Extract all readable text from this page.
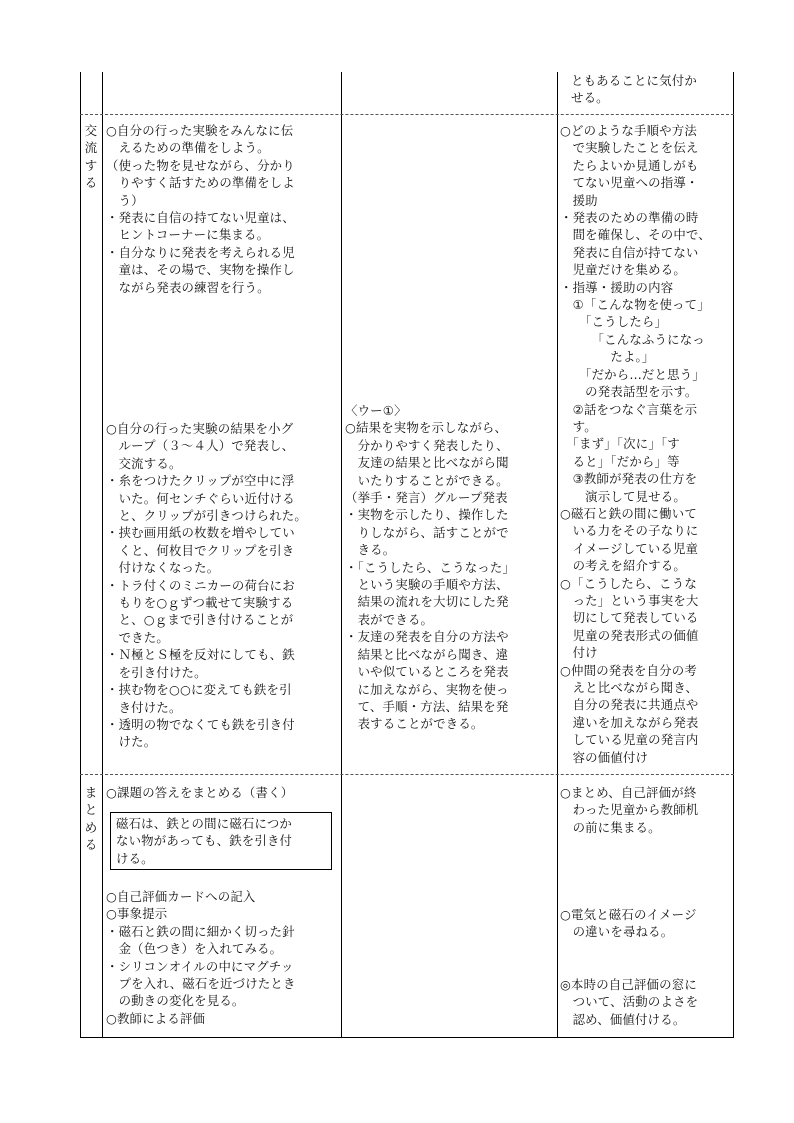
ともあることに気付か
せる。
交
流
す
る
ま
と
め
る
○自分の行った実験をみんなに伝
　えるための準備をしよう。
（使った物を見せながら、分かり
　りやすく話すための準備をしよ
　う）
・発表に自信の持てない児童は、
　ヒントコーナーに集まる。
・自分なりに発表を考えられる児
　童は、その場で、実物を操作し
　ながら発表の練習を行う。
○自分の行った実験の結果を小グ
　ループ（３～４人）で発表し、
　交流する。
・糸をつけたクリップが空中に浮
　いた。何センチぐらい近付ける
　と、クリップが引きつけられた。
・挟む画用紙の枚数を増やしてい
　くと、何枚目でクリップを引き
　付けなくなった。
・トラ付くのミニカーの荷台にお
　もりを○ｇずつ載せて実験する
　と、○ｇまで引き付けることが
　できた。
・Ｎ極とＳ極を反対にしても、鉄
　を引き付けた。
・挟む物を○○に変えても鉄を引
　き付けた。
・透明の物でなくても鉄を引き付
　けた。
〈ウー①〉
○結果を実物を示しながら、
　分かりやすく発表したり、
　友達の結果と比べながら聞
　いたりすることができる。
（挙手・発言）グループ発表
・実物を示したり、操作した
　りしながら、話すことがで
　きる。
・「こうしたら、こうなった」
　という実験の手順や方法、
　結果の流れを大切にした発
　表ができる。
・友達の発表を自分の方法や
　結果と比べながら聞き、違
　いや似ているところを発表
　に加えながら、実物を使っ
　て、手順・方法、結果を発
　表することができる。
○どのような手順や方法
　で実験したことを伝え
　たらよいか見通しがも
　てない児童への指導・
　援助
・発表のための準備の時
　間を確保し、その中で、
　発表に自信が持てない
　児童だけを集める。
・指導・援助の内容
　①「こんな物を使って」
　　「こうしたら」
　　　「こんなふうになっ
　　　　たよ。」
　　「だから…だと思う」
　　の発表話型を示す。
　②話をつなぐ言葉を示
　す。
　「まず」「次に」「す
　ると」「だから」等
　③教師が発表の仕方を
　　演示して見せる。
○磁石と鉄の間に働いて
　いる力をその子なりに
　イメージしている児童
　の考えを紹介する。
○「こうしたら、こうな
　った」という事実を大
　切にして発表している
　児童の発表形式の価値
　付け
○仲間の発表を自分の考
　えと比べながら聞き、
　自分の発表に共通点や
　違いを加えながら発表
　している児童の発言内
　容の価値付け
○課題の答えをまとめる（書く）
磁石は、鉄との間に磁石につか
ない物があっても、鉄を引き付
ける。
○自己評価カードへの記入
○事象提示
・磁石と鉄の間に細かく切った針
　金（色つき）を入れてみる。
・シリコンオイルの中にマグチッ
　プを入れ、磁石を近づけたとき
　の動きの変化を見る。
○教師による評価
○まとめ、自己評価が終
　わった児童から教師机
　の前に集まる。
○電気と磁石のイメージ
　の違いを尋ねる。
◎本時の自己評価の窓に
　ついて、活動のよさを
　認め、価値付ける。
